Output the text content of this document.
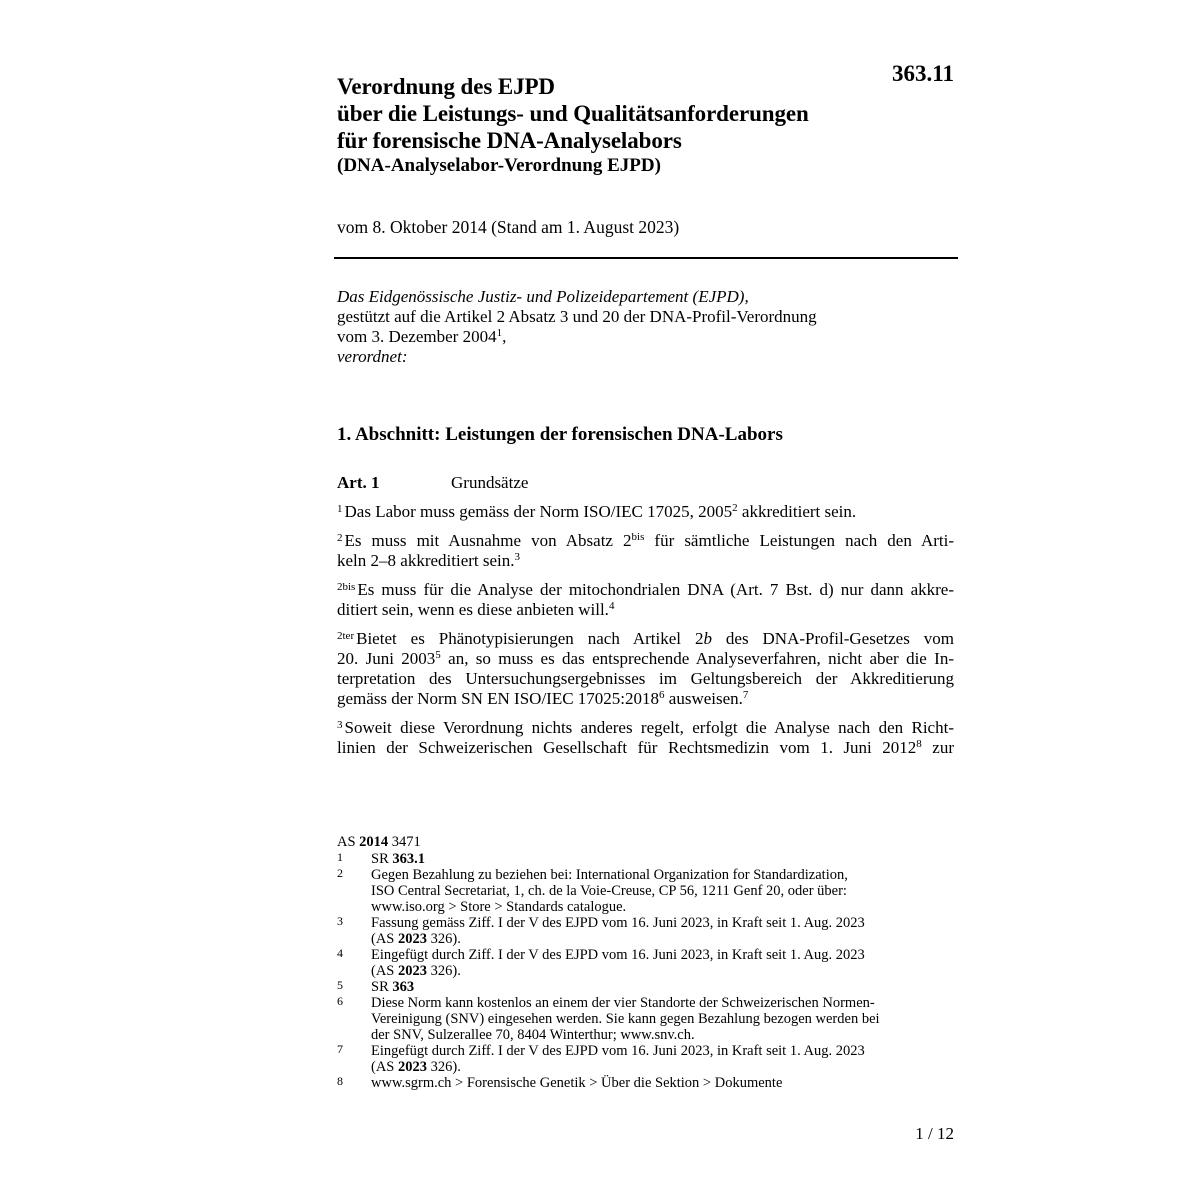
363.11
Verordnung des EJPD
über die Leistungs- und Qualitätsanforderungen
für forensische DNA-Analyselabors
(DNA-Analyselabor-Verordnung EJPD)
vom 8. Oktober 2014 (Stand am 1. August 2023)
Das Eidgenössische Justiz- und Polizeidepartement (EJPD),
gestützt auf die Artikel 2 Absatz 3 und 20 der DNA-Profil-Verordnung
vom 3. Dezember 2004$^1$,
verordnet:
1. Abschnitt: Leistungen der forensischen DNA-Labors
Art. 1	Grundsätze

$^1$ Das Labor muss gemäss der Norm ISO/IEC 17025, 2005$^2$ akkreditiert sein.

$^2$ Es muss mit Ausnahme von Absatz $2^{bis}$ für sämtliche Leistungen nach den Arti-
keln 2–8 akkreditiert sein.$^3$

$^{2bis}$ Es muss für die Analyse der mitochondrialen DNA (Art. 7 Bst. d) nur dann akkre-
ditiert sein, wenn es diese anbieten will.$^4$

$^{2ter}$ Bietet es Phänotypisierungen nach Artikel 2b des DNA-Profil-Gesetzes vom
20. Juni 2003$^5$ an, so muss es das entsprechende Analyseverfahren, nicht aber die In-
terpretation des Untersuchungsergebnisses im Geltungsbereich der Akkreditierung
gemäss der Norm SN EN ISO/IEC 17025:2018$^6$ ausweisen.$^7$

$^3$ Soweit diese Verordnung nichts anderes regelt, erfolgt die Analyse nach den Richt-
linien der Schweizerischen Gesellschaft für Rechtsmedizin vom 1. Juni 2012$^8$ zur

AS 2014 3471
1 SR 363.1
2 Gegen Bezahlung zu beziehen bei: International Organization for Standardization,
ISO Central Secretariat, 1, ch. de la Voie-Creuse, CP 56, 1211 Genf 20, oder über:
www.iso.org > Store > Standards catalogue.
3 Fassung gemäss Ziff. I der V des EJPD vom 16. Juni 2023, in Kraft seit 1. Aug. 2023
(AS 2023 326).
4 Eingefügt durch Ziff. I der V des EJPD vom 16. Juni 2023, in Kraft seit 1. Aug. 2023
(AS 2023 326).
5 SR 363
6 Diese Norm kann kostenlos an einem der vier Standorte der Schweizerischen Normen-
Vereinigung (SNV) eingesehen werden. Sie kann gegen Bezahlung bezogen werden bei
der SNV, Sulzerallee 70, 8404 Winterthur; www.snv.ch.
7 Eingefügt durch Ziff. I der V des EJPD vom 16. Juni 2023, in Kraft seit 1. Aug. 2023
(AS 2023 326).
8 www.sgrm.ch > Forensische Genetik > Über die Sektion > Dokumente
1 / 12
